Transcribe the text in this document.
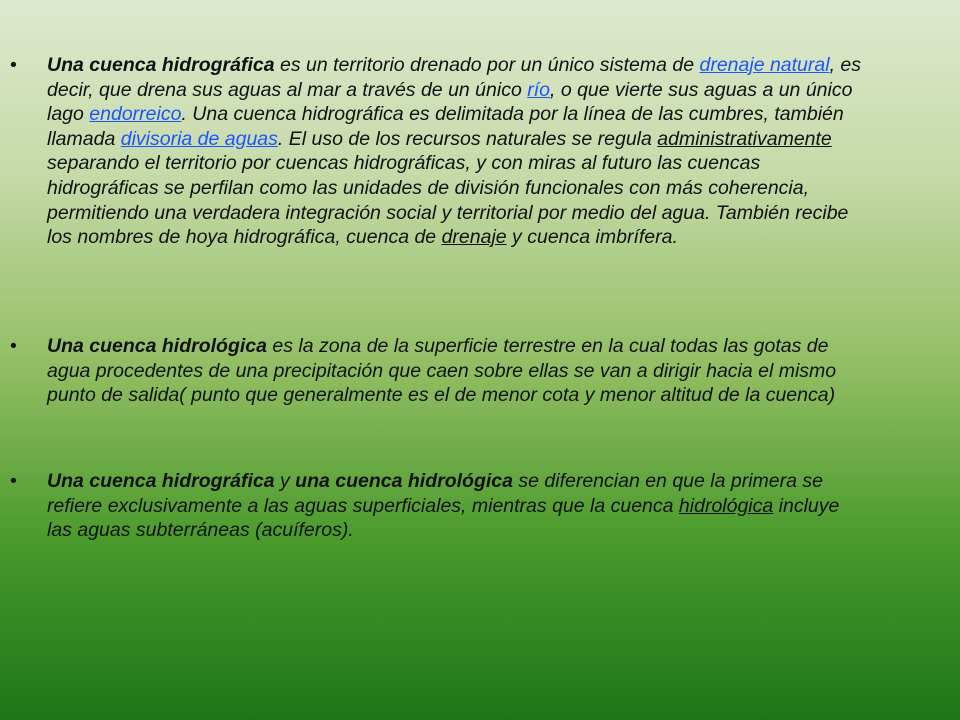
• Una cuenca hidrográfica es un territorio drenado por un único sistema de drenaje natural, es decir, que drena sus aguas al mar a través de un único río, o que vierte sus aguas a un único lago endorreico. Una cuenca hidrográfica es delimitada por la línea de las cumbres, también llamada divisoria de aguas. El uso de los recursos naturales se regula administrativamente separando el territorio por cuencas hidrográficas, y con miras al futuro las cuencas hidrográficas se perfilan como las unidades de división funcionales con más coherencia, permitiendo una verdadera integración social y territorial por medio del agua. También recibe los nombres de hoya hidrográfica, cuenca de drenaje y cuenca imbrífera.
• Una cuenca hidrológica es la zona de la superficie terrestre en la cual todas las gotas de agua procedentes de una precipitación que caen sobre ellas se van a dirigir hacia el mismo punto de salida( punto que generalmente es el de menor cota y menor altitud de la cuenca)
• Una cuenca hidrográfica y una cuenca hidrológica se diferencian en que la primera se refiere exclusivamente a las aguas superficiales, mientras que la cuenca hidrológica incluye las aguas subterráneas (acuíferos).
